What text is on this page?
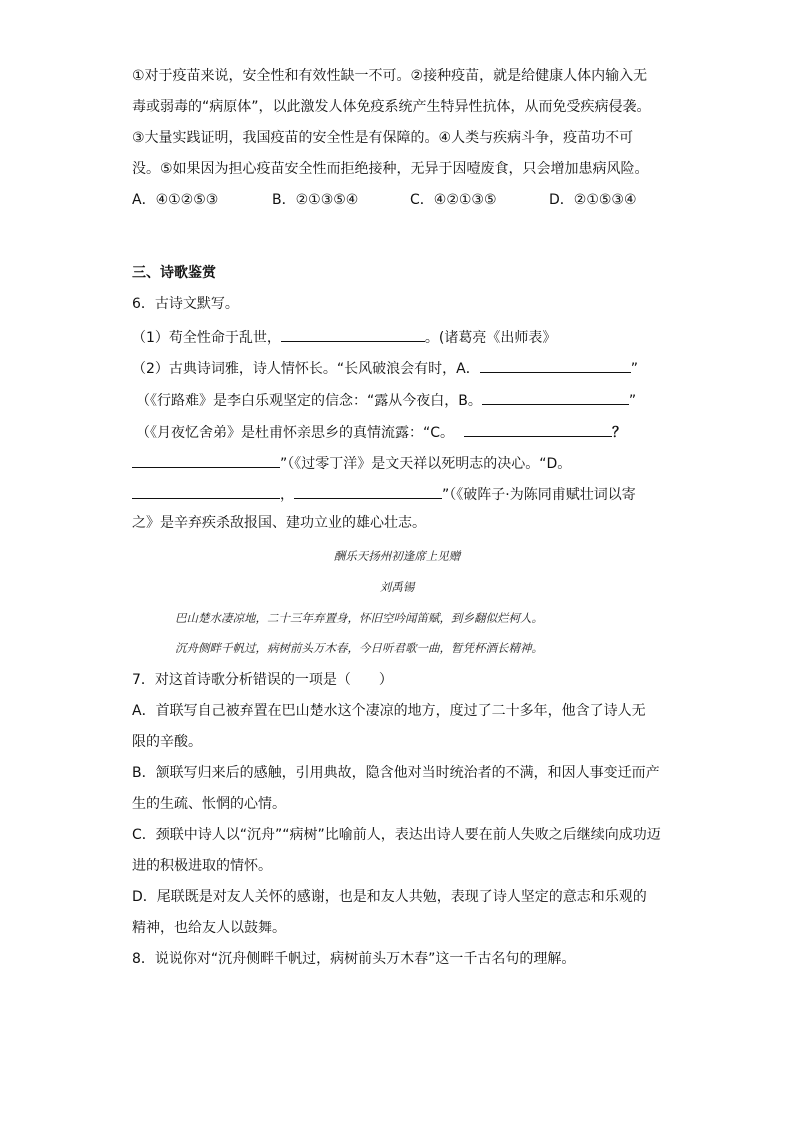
①对于疫苗来说，安全性和有效性缺一不可。②接种疫苗，就是给健康人体内输入无
毒或弱毒的“病原体”，以此激发人体免疫系统产生特异性抗体，从而免受疾病侵袭。
③大量实践证明，我国疫苗的安全性是有保障的。④人类与疾病斗争，疫苗功不可
没。⑤如果因为担心疫苗安全性而拒绝接种，无异于因噎废食，只会增加患病风险。
A．④①②⑤③	B．②①③⑤④	C．④②①③⑤	D．②①⑤③④
三、诗歌鉴赏
6．古诗文默写。
（1）苟全性命于乱世，	。(诸葛亮《出师表》
（2）古典诗词雅，诗人情怀长。“长风破浪会有时，A．	”
（《行路难》是李白乐观坚定的信念：“露从今夜白，B。	”
（《月夜忆舍弟》是杜甫怀亲思乡的真情流露：“C。	？
”（《过零丁洋》是文天祥以死明志的决心。“D。
，	”（《破阵子·为陈同甫赋壮词以寄
之》是辛弃疾杀敌报国、建功立业的雄心壮志。
酬乐天扬州初逢席上见赠
刘禹锡
巴山楚水凄凉地，二十三年弃置身，怀旧空吟闻笛赋，到乡翻似烂柯人。
沉舟侧畔千帆过，病树前头万木春，今日听君歌一曲，暂凭杯酒长精神。
7．对这首诗歌分析错误的一项是（　　）
A．首联写自己被弃置在巴山楚水这个凄凉的地方，度过了二十多年，他含了诗人无
限的辛酸。
B．颔联写归来后的感触，引用典故，隐含他对当时统治者的不满，和因人事变迁而产
生的生疏、怅惘的心情。
C．颈联中诗人以“沉舟”“病树”比喻前人，表达出诗人要在前人失败之后继续向成功迈
进的积极进取的情怀。
D．尾联既是对友人关怀的感谢，也是和友人共勉，表现了诗人坚定的意志和乐观的
精神，也给友人以鼓舞。
8．说说你对“沉舟侧畔千帆过，病树前头万木春”这一千古名句的理解。
